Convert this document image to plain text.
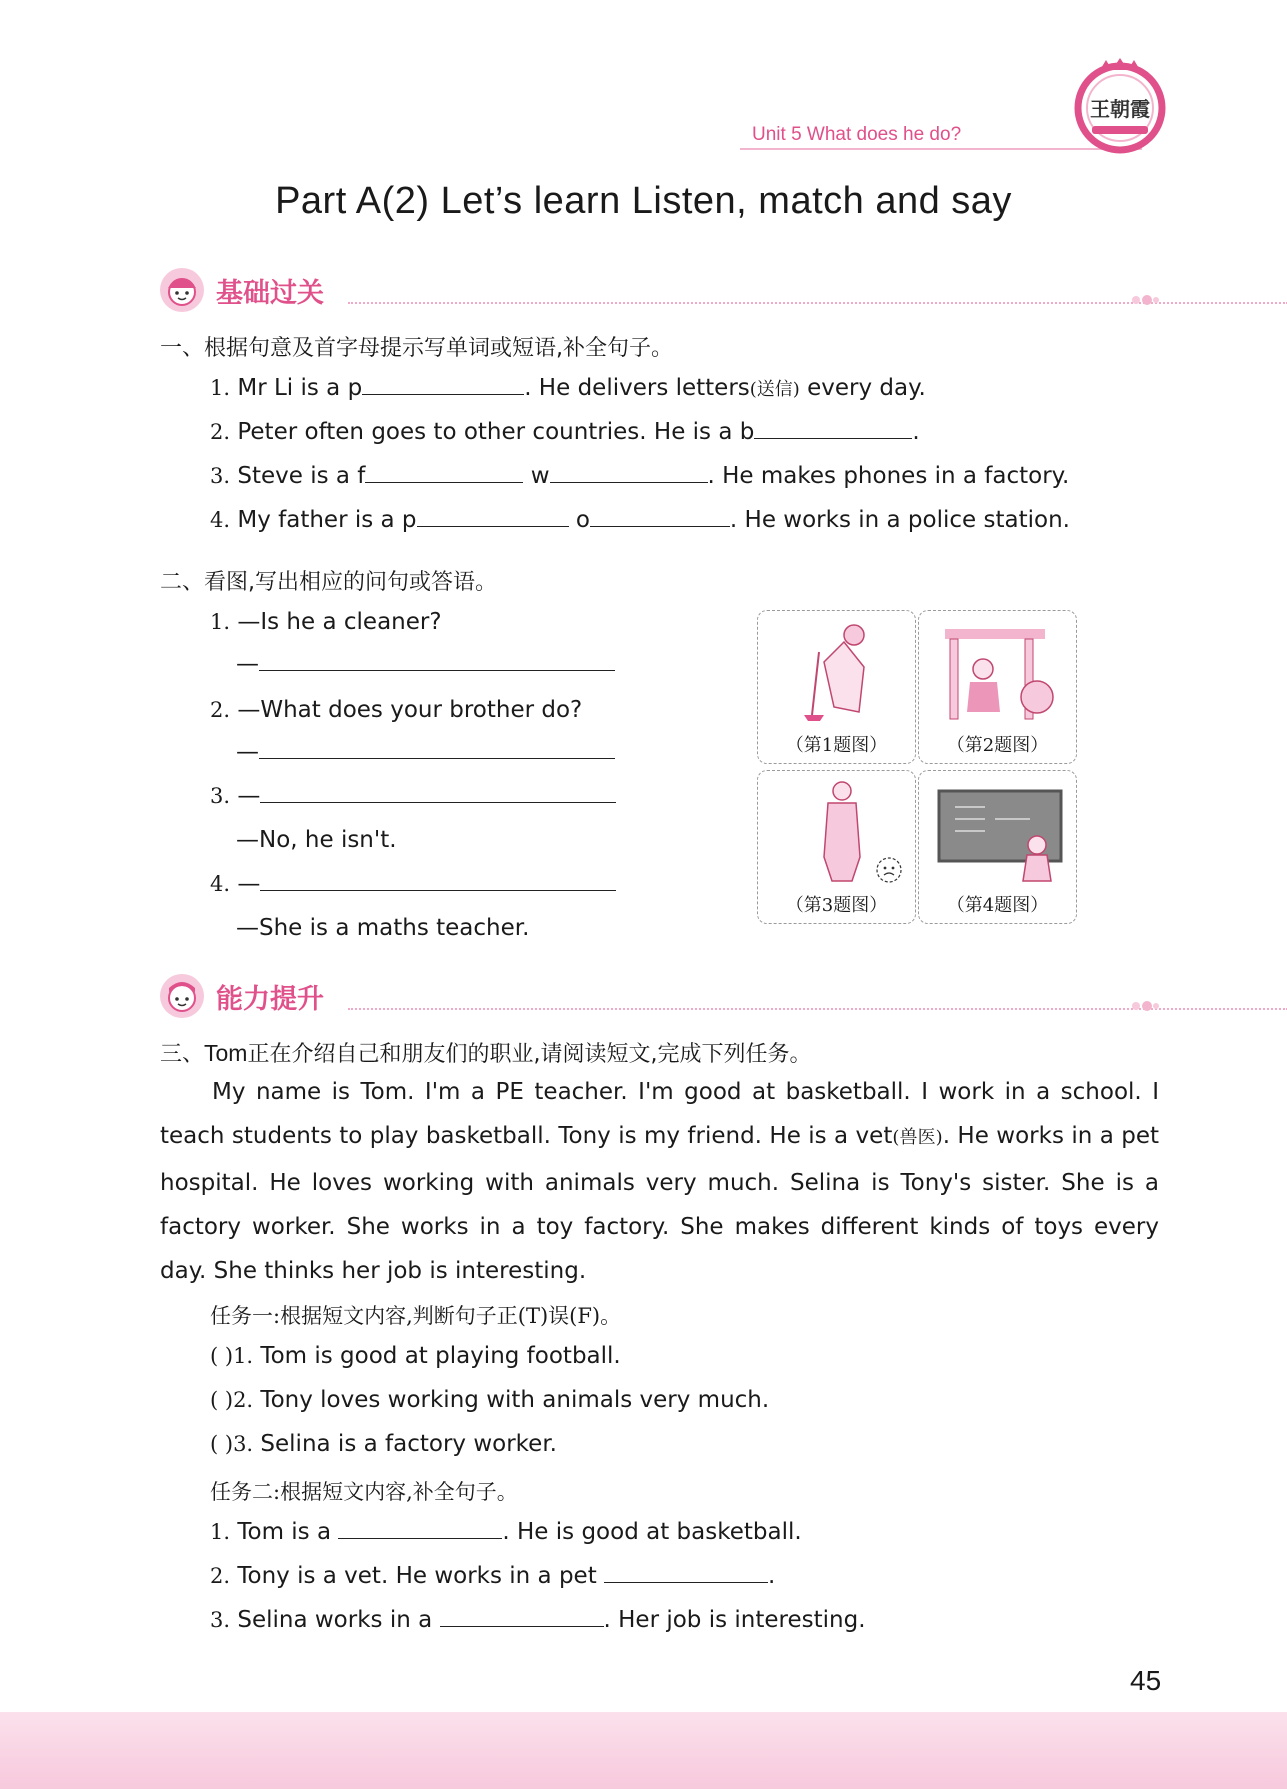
Unit 5 What does he do?
王朝霞
Part A(2) Let’s learn Listen, match and say
基础过关
一、根据句意及首字母提示写单词或短语,补全句子。
1. Mr Li is a p	. He delivers letters(送信) every day.
2. Peter often goes to other countries. He is a b	.
3. Steve is a f	w	. He makes phones in a factory.
4. My father is a p	o	. He works in a police station.
二、看图,写出相应的问句或答语。
1. —Is he a cleaner?
—
2. —What does your brother do?
—
3. —
—No, he isn't.
4. —
—She is a maths teacher.
（第1题图）	（第2题图）
（第3题图）	（第4题图）
能力提升
三、Tom正在介绍自己和朋友们的职业,请阅读短文,完成下列任务。
My name is Tom. I'm a PE teacher. I'm good at basketball. I work in a school. I teach students to play basketball. Tony is my friend. He is a vet(兽医). He works in a pet hospital. He loves working with animals very much. Selina is Tony's sister. She is a factory worker. She works in a toy factory. She makes different kinds of toys every day. She thinks her job is interesting.
任务一:根据短文内容,判断句子正(T)误(F)。
( )1. Tom is good at playing football.
( )2. Tony loves working with animals very much.
( )3. Selina is a factory worker.
任务二:根据短文内容,补全句子。
1. Tom is a	. He is good at basketball.
2. Tony is a vet. He works in a pet	.
3. Selina works in a	. Her job is interesting.
45
